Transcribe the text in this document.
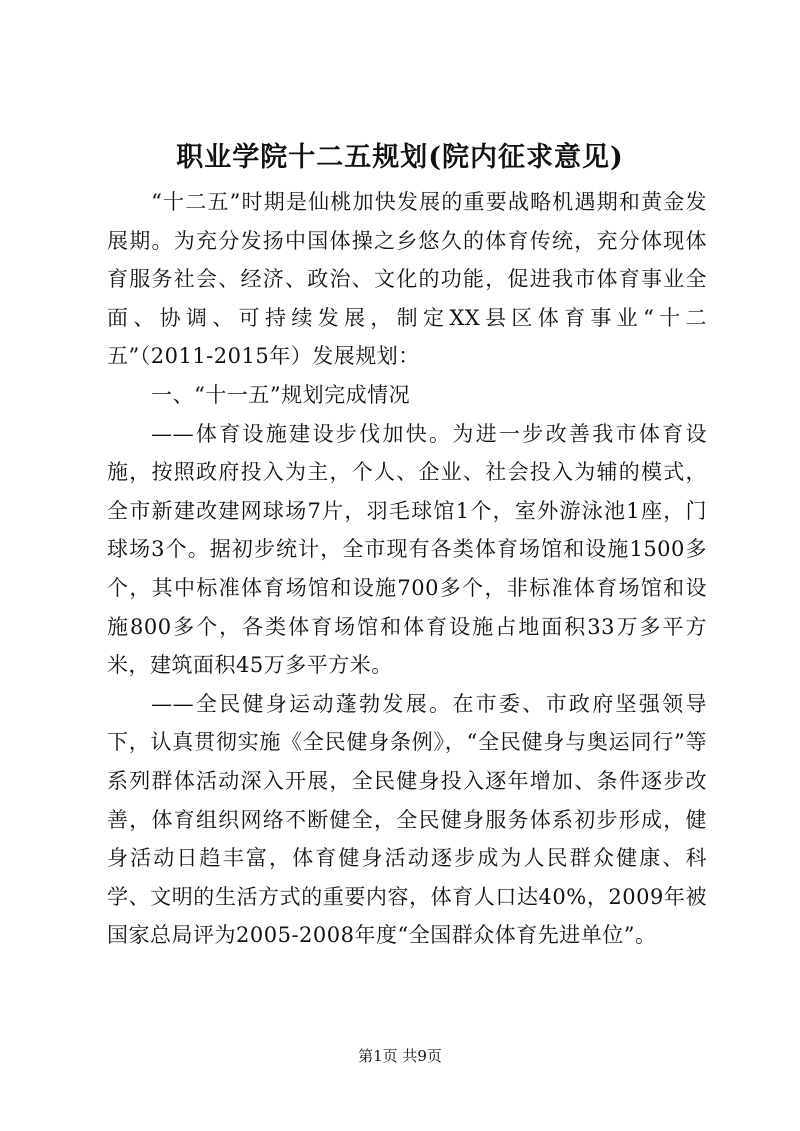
职业学院十二五规划(院内征求意见)

“十二五”时期是仙桃加快发展的重要战略机遇期和黄金发展期。为充分发扬中国体操之乡悠久的体育传统，充分体现体育服务社会、经济、政治、文化的功能，促进我市体育事业全面、协调、可持续发展，制定XX县区体育事业“十二五”（2011-2015年）发展规划：

一、“十一五”规划完成情况

——体育设施建设步伐加快。为进一步改善我市体育设施，按照政府投入为主，个人、企业、社会投入为辅的模式，全市新建改建网球场7片，羽毛球馆1个，室外游泳池1座，门球场3个。据初步统计，全市现有各类体育场馆和设施1500多个，其中标准体育场馆和设施700多个，非标准体育场馆和设施800多个，各类体育场馆和体育设施占地面积33万多平方米，建筑面积45万多平方米。

——全民健身运动蓬勃发展。在市委、市政府坚强领导下，认真贯彻实施《全民健身条例》，“全民健身与奥运同行”等系列群体活动深入开展，全民健身投入逐年增加、条件逐步改善，体育组织网络不断健全，全民健身服务体系初步形成，健身活动日趋丰富，体育健身活动逐步成为人民群众健康、科学、文明的生活方式的重要内容，体育人口达40%，2009年被国家总局评为2005-2008年度“全国群众体育先进单位”。

第1页 共9页
